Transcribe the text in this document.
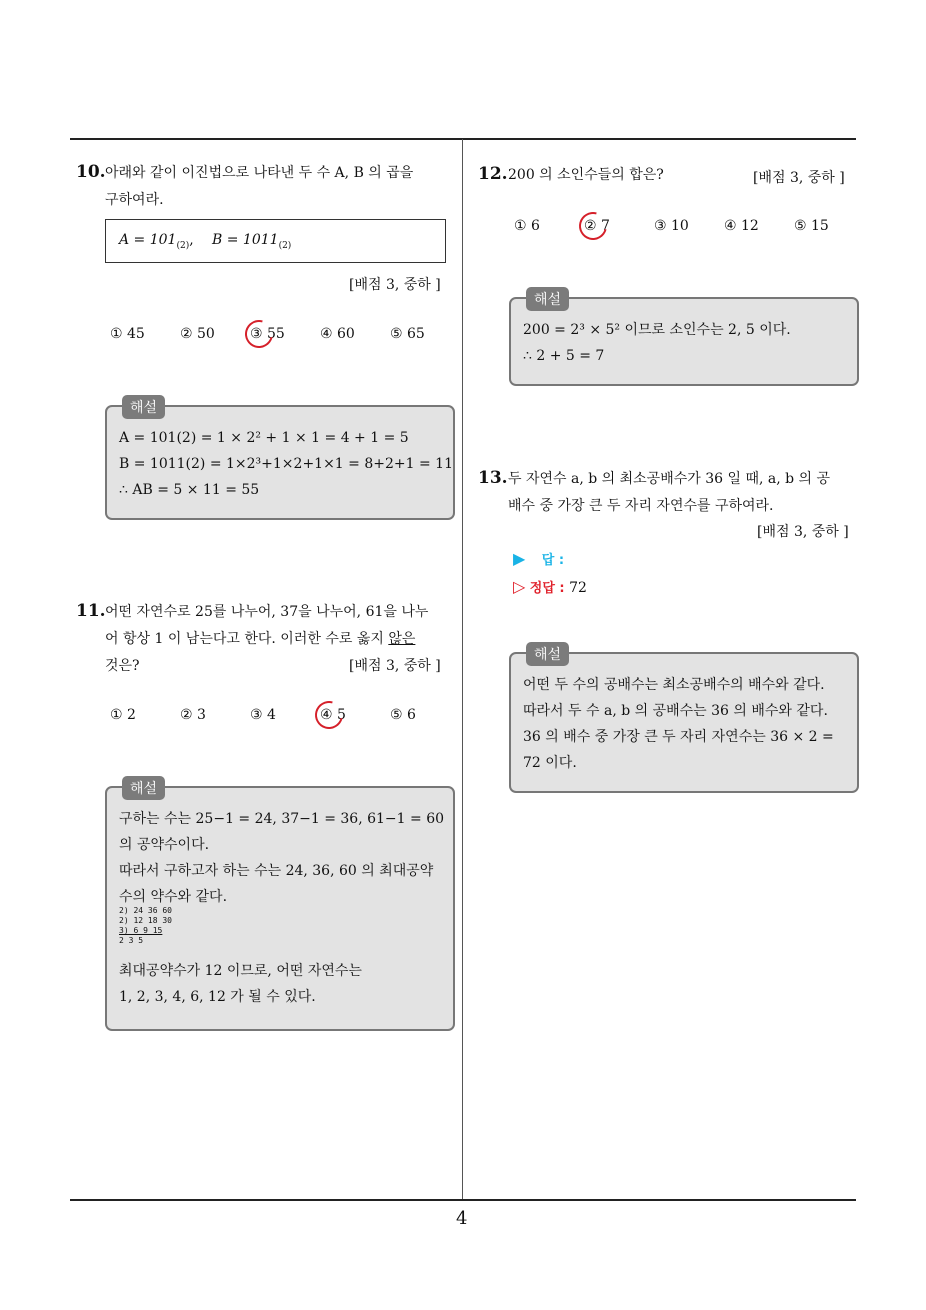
10. 아래와 같이 이진법으로 나타낸 두 수 A, B 의 곱을
구하여라.
$A = 101_{(2)}$, $B = 1011_{(2)}$
[배점 3, 중하 ]
① 45	② 50	③ 55	④ 60	⑤ 65
해설
A = 101(2) = 1 × 2² + 1 × 1 = 4 + 1 = 5
B = 1011(2) = 1×2³+1×2+1×1 = 8+2+1 = 11
∴ AB = 5 × 11 = 55
11. 어떤 자연수로 25를 나누어, 37을 나누어, 61을 나누
어 항상 1 이 남는다고 한다. 이러한 수로 옳지 않은
것은?	[배점 3, 중하 ]
① 2	② 3	③ 4	④ 5	⑤ 6
해설
구하는 수는 25−1 = 24, 37−1 = 36, 61−1 = 60
의 공약수이다.
따라서 구하고자 하는 수는 24, 36, 60 의 최대공약
수의 약수와 같다.
2) 24 36 60
2) 12 18 30
3) 6 9 15
2 3 5
최대공약수가 12 이므로, 어떤 자연수는
1, 2, 3, 4, 6, 12 가 될 수 있다.
12. 200 의 소인수들의 합은?	[배점 3, 중하 ]
① 6	② 7	③ 10	④ 12	⑤ 15
해설
200 = 2³ × 5² 이므로 소인수는 2, 5 이다.
∴ 2 + 5 = 7
13. 두 자연수 a, b 의 최소공배수가 36 일 때, a, b 의 공
배수 중 가장 큰 두 자리 자연수를 구하여라.
[배점 3, 중하 ]
▶ 답 :
▷ 정답 : 72
해설
어떤 두 수의 공배수는 최소공배수의 배수와 같다.
따라서 두 수 a, b 의 공배수는 36 의 배수와 같다.
36 의 배수 중 가장 큰 두 자리 자연수는 36 × 2 =
72 이다.
4
